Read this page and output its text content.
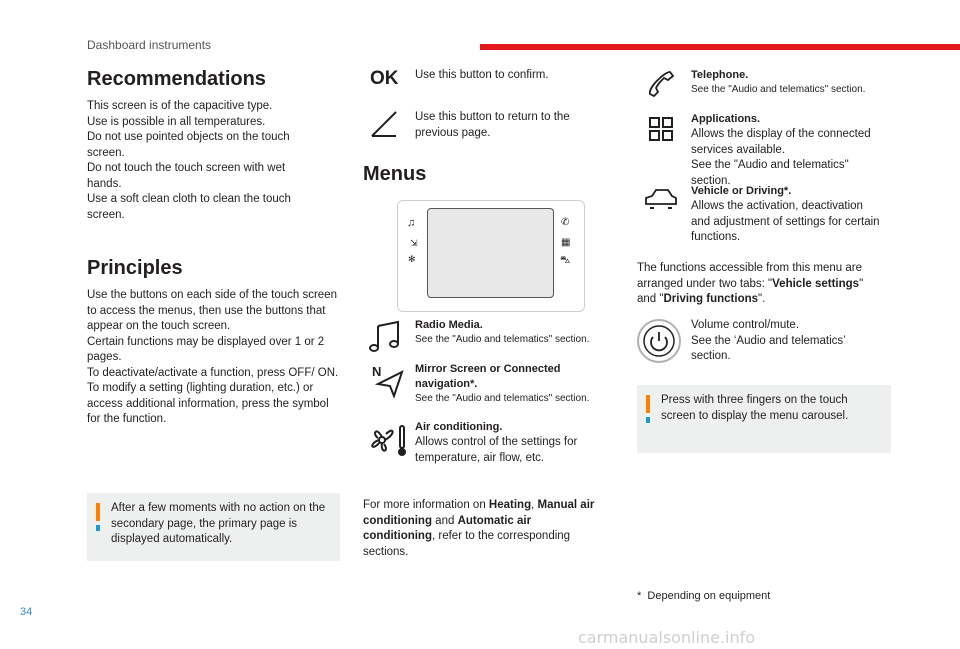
Dashboard instruments
Recommendations

This screen is of the capacitive type.

Use is possible in all temperatures.

Do not use pointed objects on the touch screen.

Do not touch the touch screen with wet hands.

Use a soft clean cloth to clean the touch screen.

Principles

Use the buttons on each side of the touch screen to access the menus, then use the buttons that appear on the touch screen.

Certain functions may be displayed over 1 or 2 pages.

To deactivate/activate a function, press OFF/ ON.

To modify a setting (lighting duration, etc.) or access additional information, press the symbol for the function.

After a few moments with no action on the secondary page, the primary page is displayed automatically.
OK Use this button to confirm.
Use this button to return to the previous page.
Menus
♫
⇲
✻
✆
▦
⛍
Radio Media.
See the "Audio and telematics" section.
N	Mirror Screen or Connected navigation*.
See the "Audio and telematics" section.
Air conditioning.
Allows control of the settings for temperature, air flow, etc.
For more information on Heating, Manual air conditioning and Automatic air conditioning, refer to the corresponding sections.
Telephone.
See the "Audio and telematics" section.
Applications.
Allows the display of the connected services available.
See the "Audio and telematics" section.
Vehicle or Driving*.
Allows the activation, deactivation and adjustment of settings for certain functions.
The functions accessible from this menu are arranged under two tabs: "Vehicle settings" and "Driving functions".
Volume control/mute.
See the ‘Audio and telematics’ section.
Press with three fingers on the touch screen to display the menu carousel.
* Depending on equipment
34
carmanualsonline.info
